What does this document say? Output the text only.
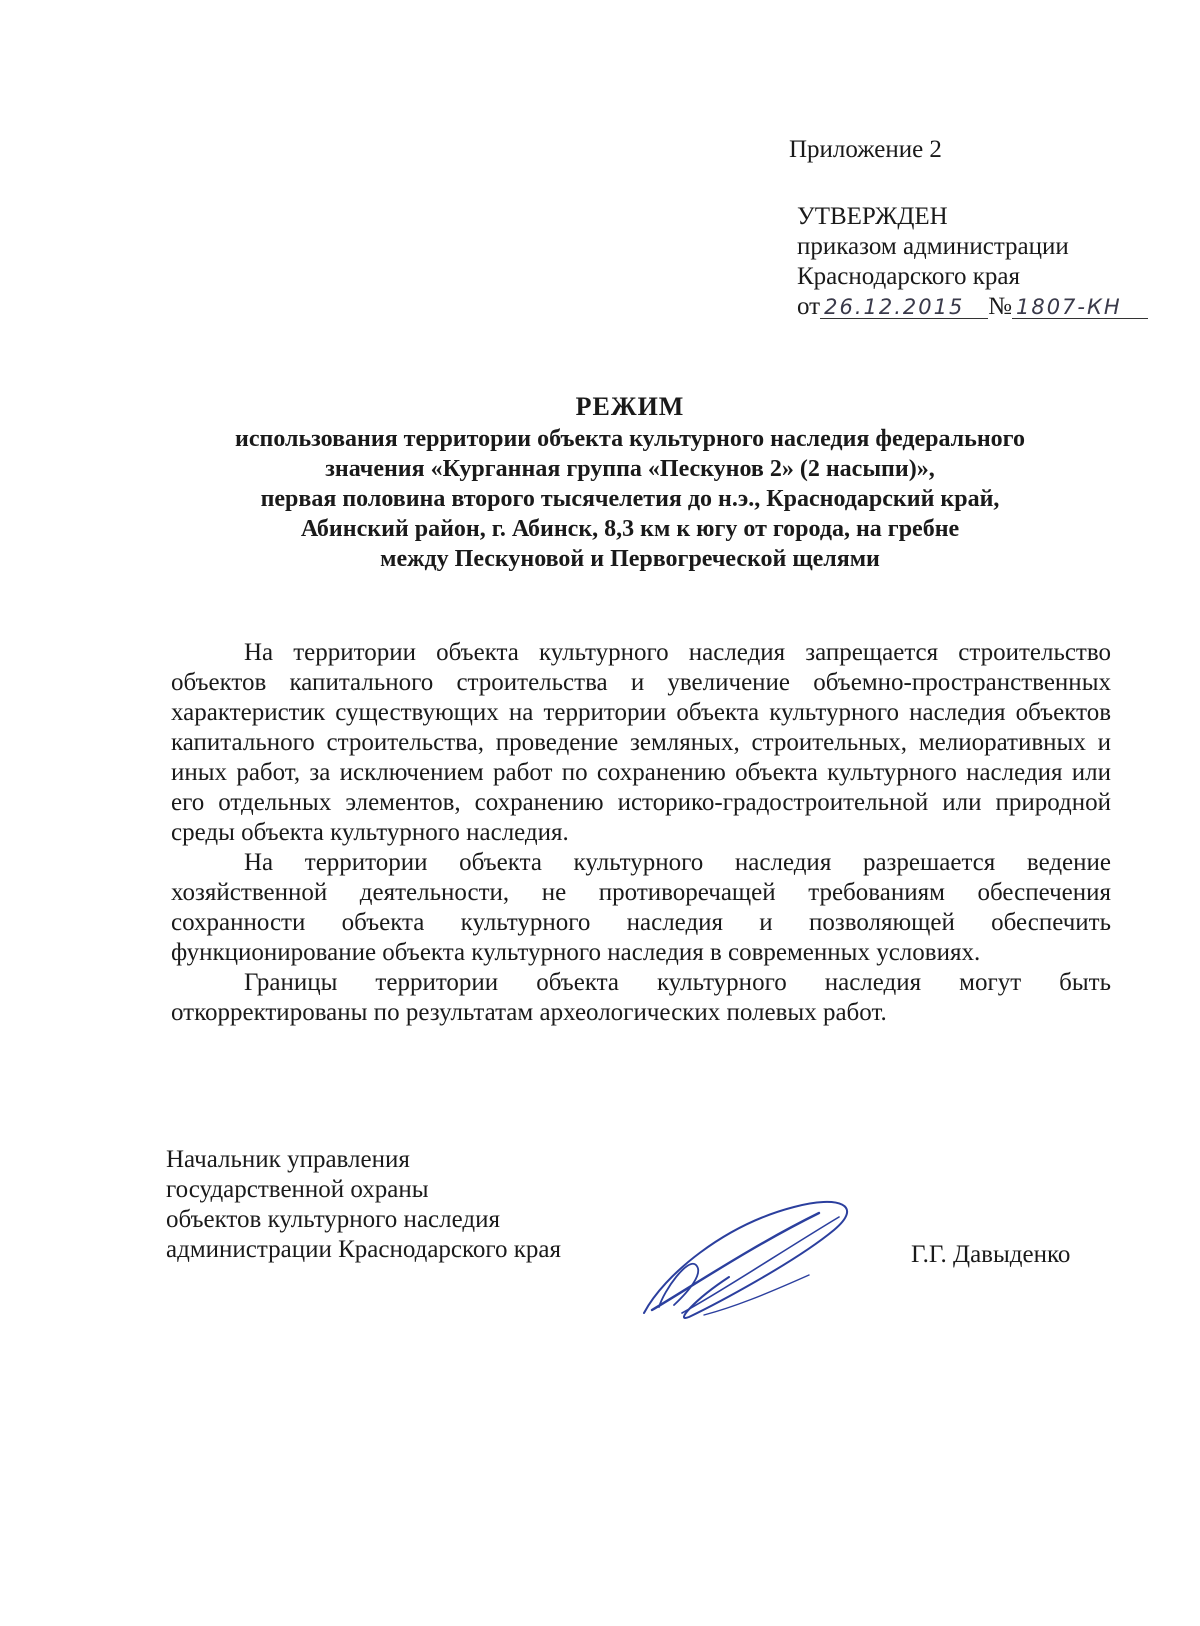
Приложение 2
УТВЕРЖДЕН
приказом администрации
Краснодарского края
от 26.12.2015 № 1807-КН
РЕЖИМ
использования территории объекта культурного наследия федерального
значения «Курганная группа «Пескунов 2» (2 насыпи)»,
первая половина второго тысячелетия до н.э., Краснодарский край,
Абинский район, г. Абинск, 8,3 км к югу от города, на гребне
между Пескуновой и Первогреческой щелями

На территории объекта культурного наследия запрещается строительство объектов капитального строительства и увеличение объемно-пространственных характеристик существующих на территории объекта культурного наследия объектов капитального строительства, проведение земляных, строительных, мелиоративных и иных работ, за исключением работ по сохранению объекта культурного наследия или его отдельных элементов, сохранению историко-градостроительной или природной среды объекта культурного наследия.

На территории объекта культурного наследия разрешается ведение хозяйственной деятельности, не противоречащей требованиям обеспечения сохранности объекта культурного наследия и позволяющей обеспечить функционирование объекта культурного наследия в современных условиях.

Границы территории объекта культурного наследия могут быть откорректированы по результатам археологических полевых работ.

Начальник управления
государственной охраны
объектов культурного наследия
администрации Краснодарского края	Г.Г. Давыденко
